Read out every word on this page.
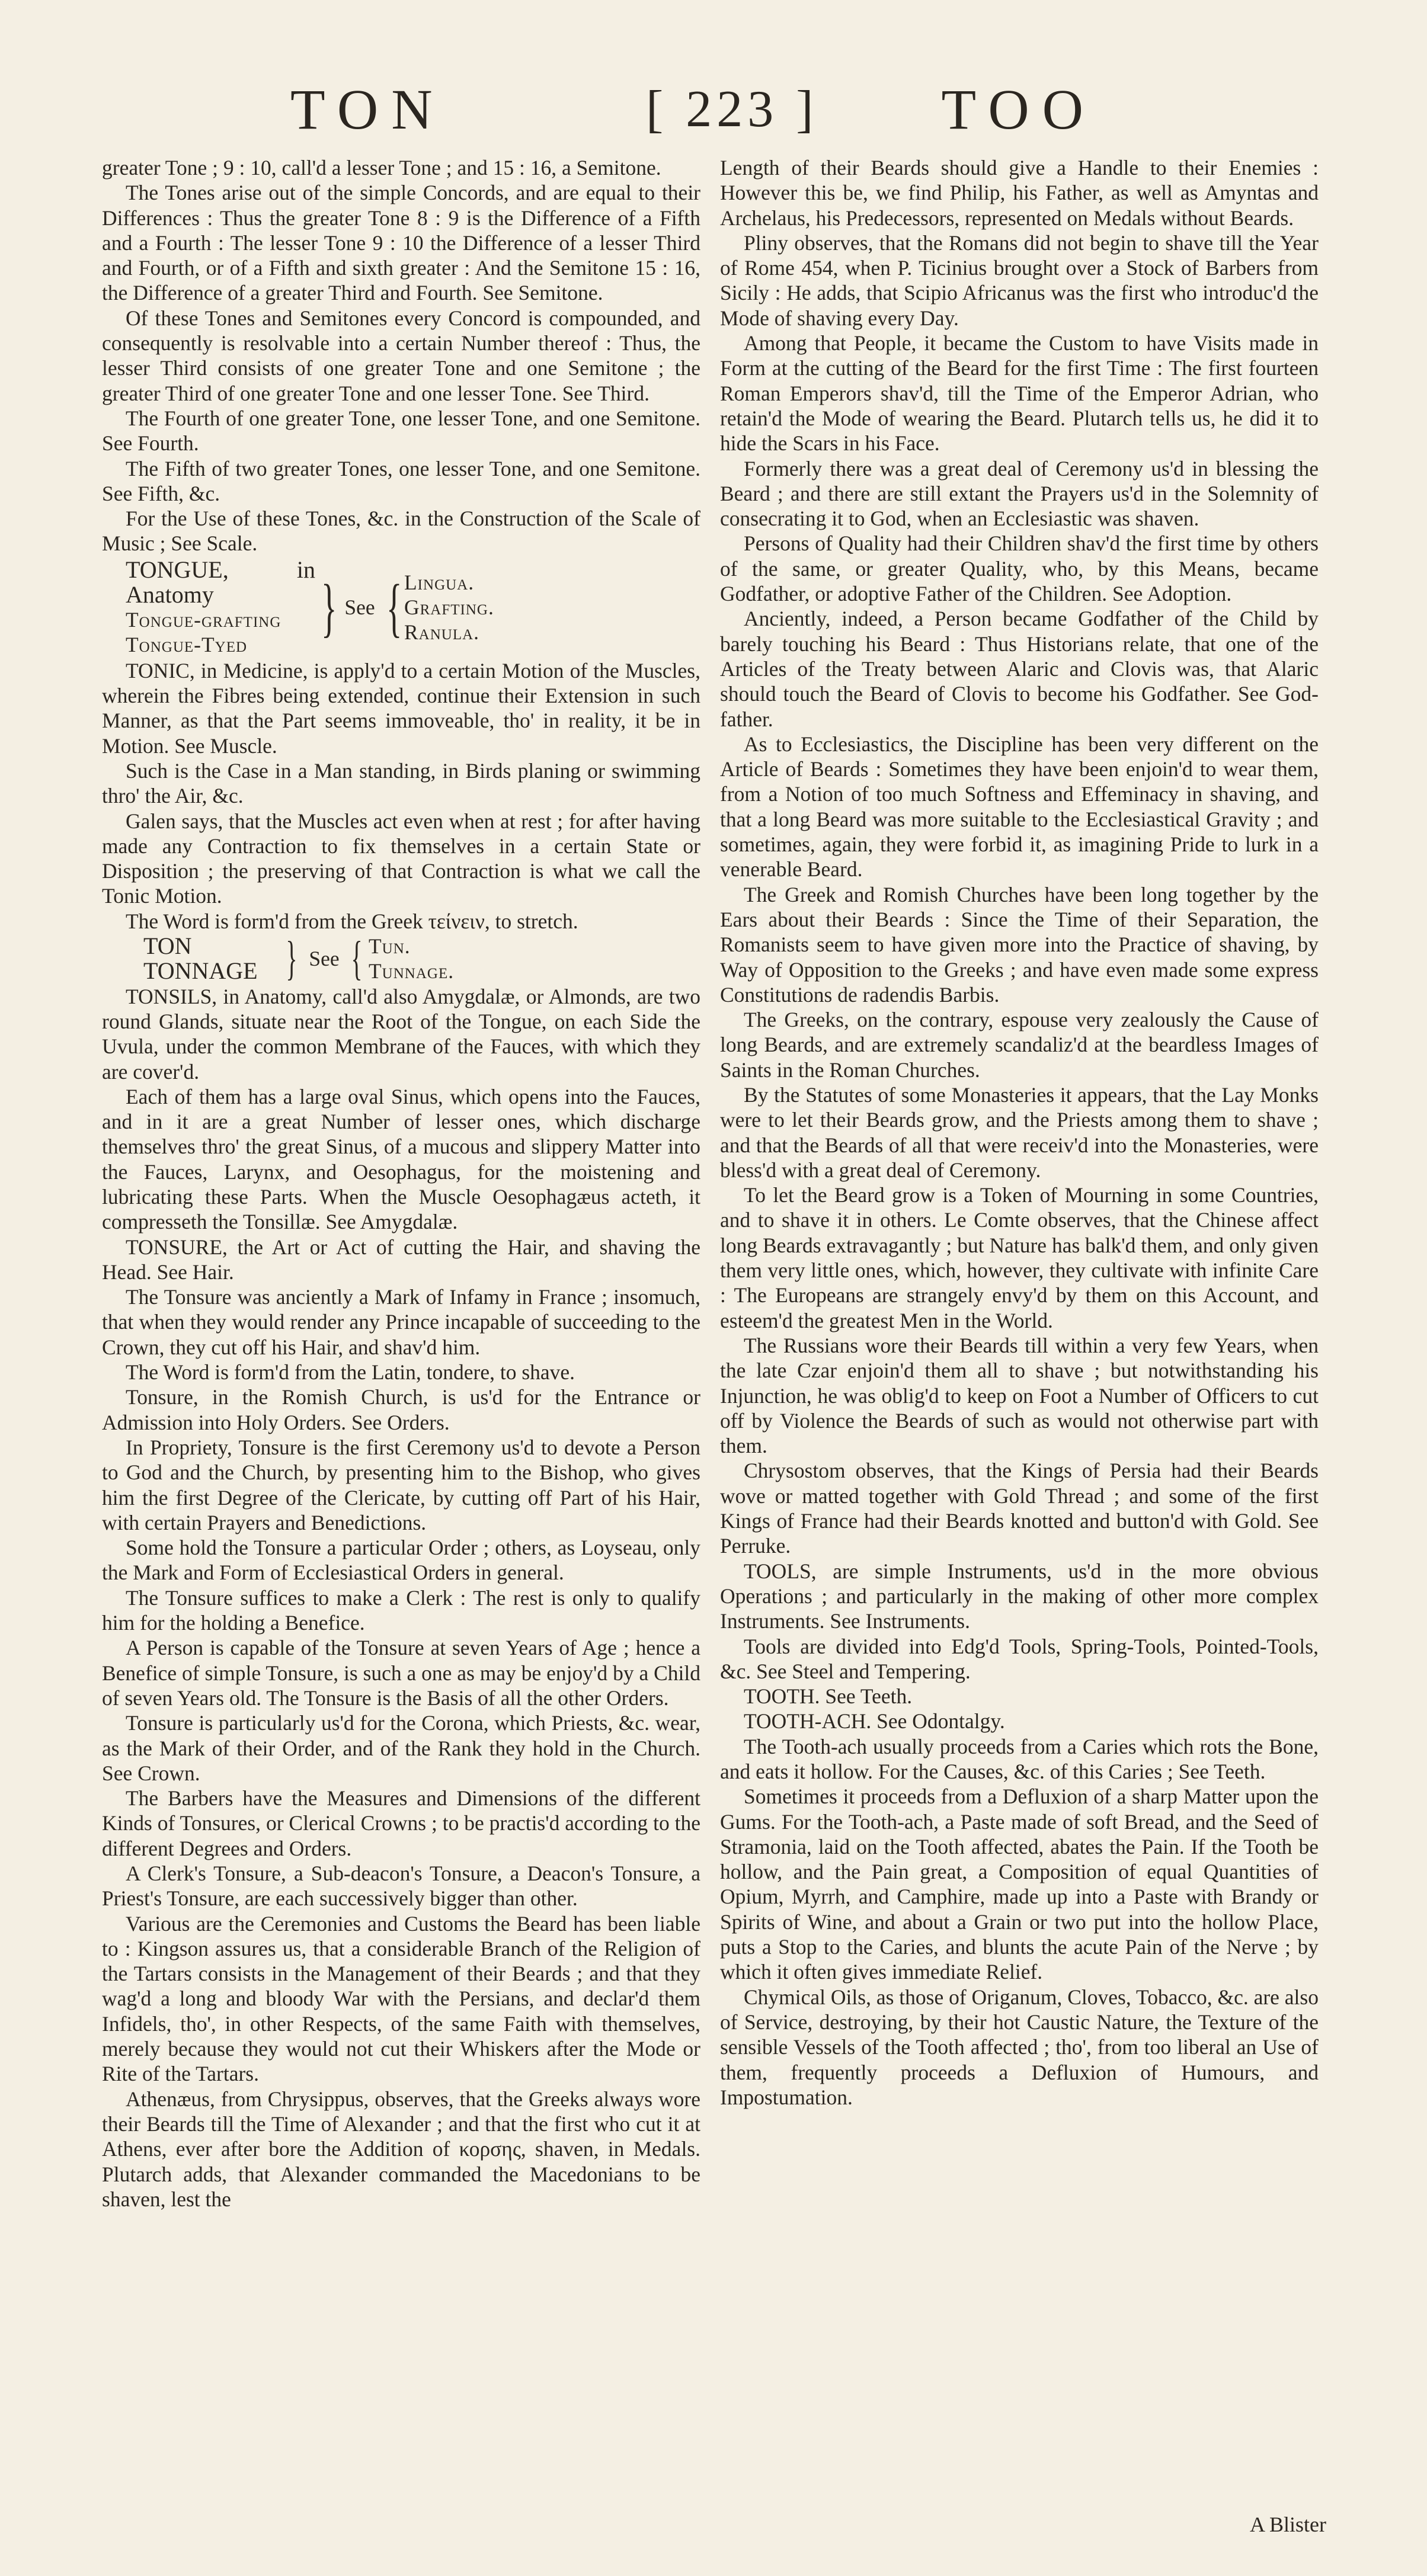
TON	[ 223 ] TOO

greater Tone ; 9 : 10, call'd a lesser Tone ; and 15 : 16, a Semitone.

The Tones arise out of the simple Concords, and are equal to their Differences : Thus the greater Tone 8 : 9 is the Difference of a Fifth and a Fourth : The lesser Tone 9 : 10 the Difference of a lesser Third and Fourth, or of a Fifth and sixth greater : And the Semitone 15 : 16, the Difference of a greater Third and Fourth. See Semitone.

Of these Tones and Semitones every Concord is compounded, and consequently is resolvable into a certain Number thereof : Thus, the lesser Third consists of one greater Tone and one Semitone ; the greater Third of one greater Tone and one lesser Tone. See Third.

The Fourth of one greater Tone, one lesser Tone, and one Semitone. See Fourth.

The Fifth of two greater Tones, one lesser Tone, and one Semitone. See Fifth, &c.

For the Use of these Tones, &c. in the Construction of the Scale of Music ; See Scale.

TONGUE, in Anatomy
Tongue-grafting
Tongue-Tyed
} See { Lingua.
Grafting.
Ranula.

TONIC, in Medicine, is apply'd to a certain Motion of the Muscles, wherein the Fibres being extended, continue their Extension in such Manner, as that the Part seems immoveable, tho' in reality, it be in Motion. See Muscle.

Such is the Case in a Man standing, in Birds planing or swimming thro' the Air, &c.

Galen says, that the Muscles act even when at rest ; for after having made any Contraction to fix themselves in a certain State or Disposition ; the preserving of that Contraction is what we call the Tonic Motion.

The Word is form'd from the Greek τείνειν, to stretch.

TON
TONNAGE } See { Tun.
Tunnage.

TONSILS, in Anatomy, call'd also Amygdalæ, or Almonds, are two round Glands, situate near the Root of the Tongue, on each Side the Uvula, under the common Membrane of the Fauces, with which they are cover'd.

Each of them has a large oval Sinus, which opens into the Fauces, and in it are a great Number of lesser ones, which discharge themselves thro' the great Sinus, of a mucous and slippery Matter into the Fauces, Larynx, and Oesophagus, for the moistening and lubricating these Parts. When the Muscle Oesophagæus acteth, it compresseth the Tonsillæ. See Amygdalæ.

TONSURE, the Art or Act of cutting the Hair, and shaving the Head. See Hair.

The Tonsure was anciently a Mark of Infamy in France ; insomuch, that when they would render any Prince incapable of succeeding to the Crown, they cut off his Hair, and shav'd him.

The Word is form'd from the Latin, tondere, to shave.

Tonsure, in the Romish Church, is us'd for the Entrance or Admission into Holy Orders. See Orders.

In Propriety, Tonsure is the first Ceremony us'd to devote a Person to God and the Church, by presenting him to the Bishop, who gives him the first Degree of the Clericate, by cutting off Part of his Hair, with certain Prayers and Benedictions.

Some hold the Tonsure a particular Order ; others, as Loyseau, only the Mark and Form of Ecclesiastical Orders in general.

The Tonsure suffices to make a Clerk : The rest is only to qualify him for the holding a Benefice.

A Person is capable of the Tonsure at seven Years of Age ; hence a Benefice of simple Tonsure, is such a one as may be enjoy'd by a Child of seven Years old. The Tonsure is the Basis of all the other Orders.

Tonsure is particularly us'd for the Corona, which Priests, &c. wear, as the Mark of their Order, and of the Rank they hold in the Church. See Crown.

The Barbers have the Measures and Dimensions of the different Kinds of Tonsures, or Clerical Crowns ; to be practis'd according to the different Degrees and Orders.

A Clerk's Tonsure, a Sub-deacon's Tonsure, a Deacon's Tonsure, a Priest's Tonsure, are each successively bigger than other.

Various are the Ceremonies and Customs the Beard has been liable to : Kingson assures us, that a considerable Branch of the Religion of the Tartars consists in the Management of their Beards ; and that they wag'd a long and bloody War with the Persians, and declar'd them Infidels, tho', in other Respects, of the same Faith with themselves, merely because they would not cut their Whiskers after the Mode or Rite of the Tartars.

Athenæus, from Chrysippus, observes, that the Greeks always wore their Beards till the Time of Alexander ; and that the first who cut it at Athens, ever after bore the Addition of κορσης, shaven, in Medals. Plutarch adds, that Alexander commanded the Macedonians to be shaven, lest the

Length of their Beards should give a Handle to their Enemies : However this be, we find Philip, his Father, as well as Amyntas and Archelaus, his Predecessors, represented on Medals without Beards.

Pliny observes, that the Romans did not begin to shave till the Year of Rome 454, when P. Ticinius brought over a Stock of Barbers from Sicily : He adds, that Scipio Africanus was the first who introduc'd the Mode of shaving every Day.

Among that People, it became the Custom to have Visits made in Form at the cutting of the Beard for the first Time : The first fourteen Roman Emperors shav'd, till the Time of the Emperor Adrian, who retain'd the Mode of wearing the Beard. Plutarch tells us, he did it to hide the Scars in his Face.

Formerly there was a great deal of Ceremony us'd in blessing the Beard ; and there are still extant the Prayers us'd in the Solemnity of consecrating it to God, when an Ecclesiastic was shaven.

Persons of Quality had their Children shav'd the first time by others of the same, or greater Quality, who, by this Means, became Godfather, or adoptive Father of the Children. See Adoption.

Anciently, indeed, a Person became Godfather of the Child by barely touching his Beard : Thus Historians relate, that one of the Articles of the Treaty between Alaric and Clovis was, that Alaric should touch the Beard of Clovis to become his Godfather. See God-father.

As to Ecclesiastics, the Discipline has been very different on the Article of Beards : Sometimes they have been enjoin'd to wear them, from a Notion of too much Softness and Effeminacy in shaving, and that a long Beard was more suitable to the Ecclesiastical Gravity ; and sometimes, again, they were forbid it, as imagining Pride to lurk in a venerable Beard.

The Greek and Romish Churches have been long together by the Ears about their Beards : Since the Time of their Separation, the Romanists seem to have given more into the Practice of shaving, by Way of Opposition to the Greeks ; and have even made some express Constitutions de radendis Barbis.

The Greeks, on the contrary, espouse very zealously the Cause of long Beards, and are extremely scandaliz'd at the beardless Images of Saints in the Roman Churches.

By the Statutes of some Monasteries it appears, that the Lay Monks were to let their Beards grow, and the Priests among them to shave ; and that the Beards of all that were receiv'd into the Monasteries, were bless'd with a great deal of Ceremony.

To let the Beard grow is a Token of Mourning in some Countries, and to shave it in others. Le Comte observes, that the Chinese affect long Beards extravagantly ; but Nature has balk'd them, and only given them very little ones, which, however, they cultivate with infinite Care : The Europeans are strangely envy'd by them on this Account, and esteem'd the greatest Men in the World.

The Russians wore their Beards till within a very few Years, when the late Czar enjoin'd them all to shave ; but notwithstanding his Injunction, he was oblig'd to keep on Foot a Number of Officers to cut off by Violence the Beards of such as would not otherwise part with them.

Chrysostom observes, that the Kings of Persia had their Beards wove or matted together with Gold Thread ; and some of the first Kings of France had their Beards knotted and button'd with Gold. See Perruke.

TOOLS, are simple Instruments, us'd in the more obvious Operations ; and particularly in the making of other more complex Instruments. See Instruments.

Tools are divided into Edg'd Tools, Spring-Tools, Pointed-Tools, &c. See Steel and Tempering.

TOOTH. See Teeth.

TOOTH-ACH. See Odontalgy.

The Tooth-ach usually proceeds from a Caries which rots the Bone, and eats it hollow. For the Causes, &c. of this Caries ; See Teeth.

Sometimes it proceeds from a Defluxion of a sharp Matter upon the Gums. For the Tooth-ach, a Paste made of soft Bread, and the Seed of Stramonia, laid on the Tooth affected, abates the Pain. If the Tooth be hollow, and the Pain great, a Composition of equal Quantities of Opium, Myrrh, and Camphire, made up into a Paste with Brandy or Spirits of Wine, and about a Grain or two put into the hollow Place, puts a Stop to the Caries, and blunts the acute Pain of the Nerve ; by which it often gives immediate Relief.

Chymical Oils, as those of Origanum, Cloves, Tobacco, &c. are also of Service, destroying, by their hot Caustic Nature, the Texture of the sensible Vessels of the Tooth affected ; tho', from too liberal an Use of them, frequently proceeds a Defluxion of Humours, and Impostumation.

A Blister
